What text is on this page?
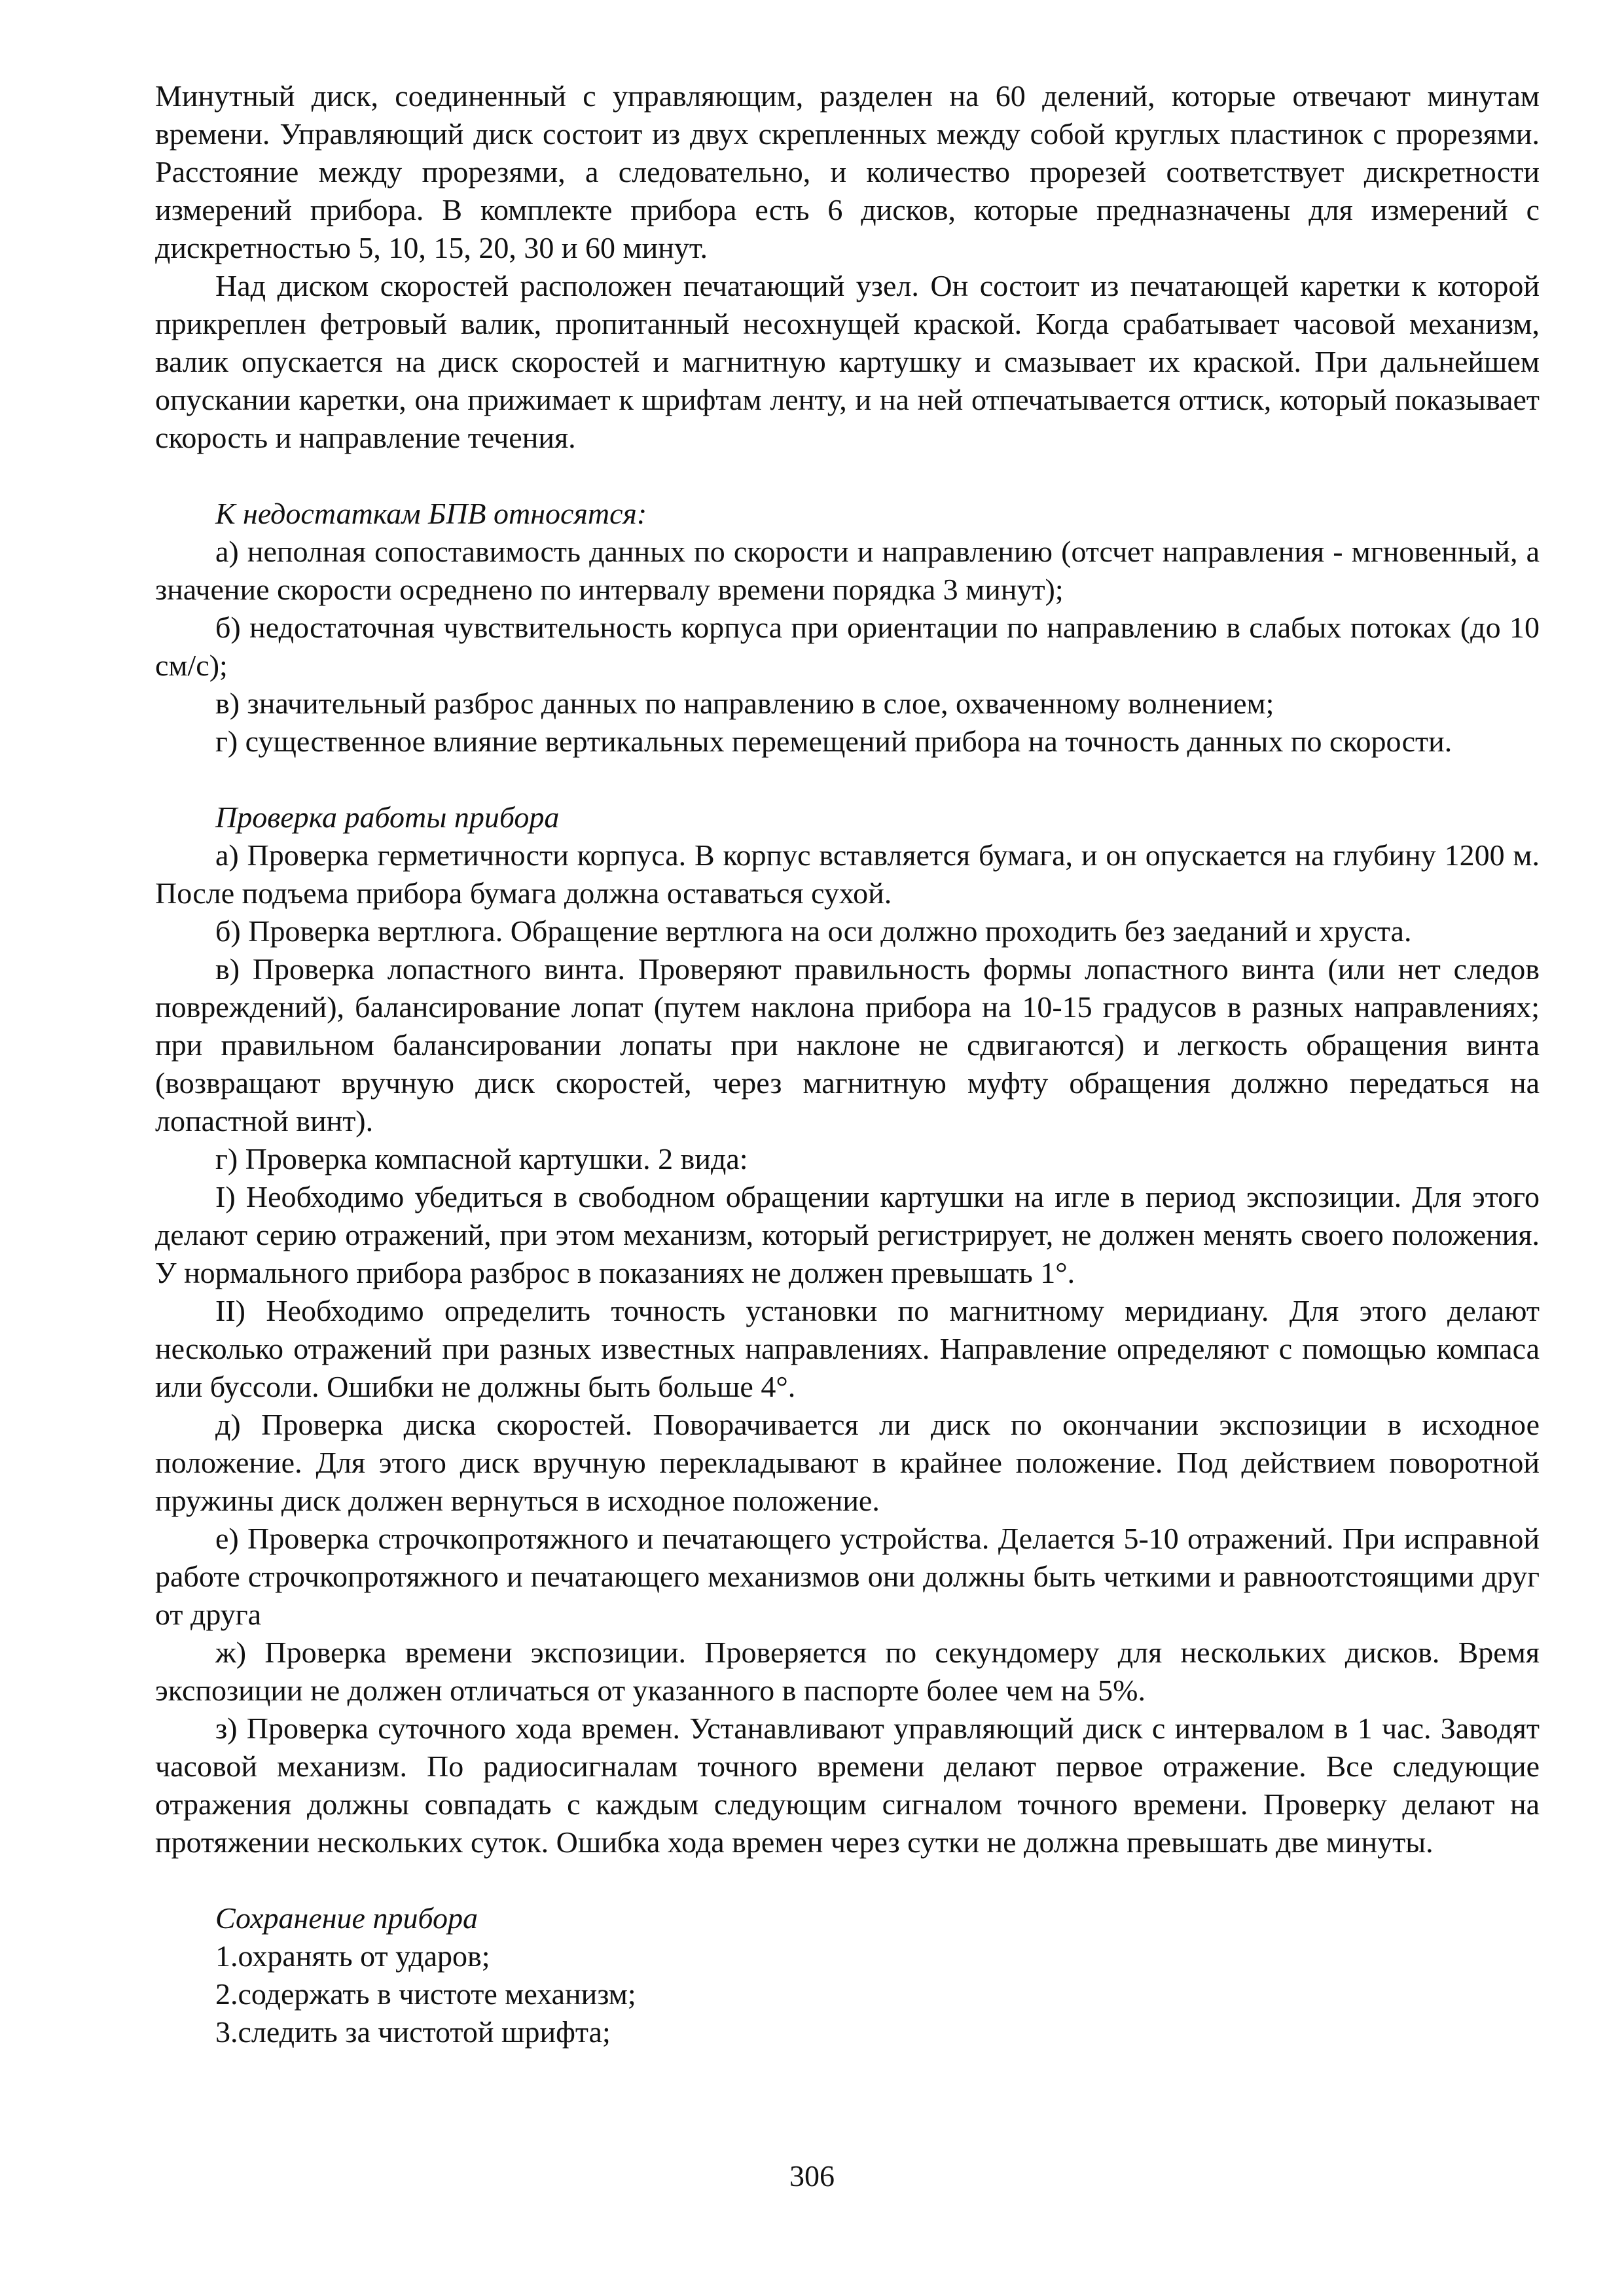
Минутный диск, соединенный с управляющим, разделен на 60 делений, которые отвечают минутам времени. Управляющий диск состоит из двух скрепленных между собой круглых пластинок с прорезями. Расстояние между прорезями, а следовательно, и количество прорезей соответствует дискретности измерений прибора. В комплекте прибора есть 6 дисков, которые предназначены для измерений с дискретностью 5, 10, 15, 20, 30 и 60 минут.

Над диском скоростей расположен печатающий узел. Он состоит из печатающей каретки к которой прикреплен фетровый валик, пропитанный несохнущей краской. Когда срабатывает часовой механизм, валик опускается на диск скоростей и магнитную картушку и смазывает их краской. При дальнейшем опускании каретки, она прижимает к шрифтам ленту, и на ней отпечатывается оттиск, который показывает скорость и направление течения.

К недостаткам БПВ относятся:

а) неполная сопоставимость данных по скорости и направлению (отсчет направления - мгновенный, а значение скорости осреднено по интервалу времени порядка 3 минут);

б) недостаточная чувствительность корпуса при ориентации по направлению в слабых потоках (до 10 см/с);

в) значительный разброс данных по направлению в слое, охваченному волнением;

г) существенное влияние вертикальных перемещений прибора на точность данных по скорости.

Проверка работы прибора

а) Проверка герметичности корпуса. В корпус вставляется бумага, и он опускается на глубину 1200 м. После подъема прибора бумага должна оставаться сухой.

б) Проверка вертлюга. Обращение вертлюга на оси должно проходить без заеданий и хруста.

в) Проверка лопастного винта. Проверяют правильность формы лопастного винта (или нет следов повреждений), балансирование лопат (путем наклона прибора на 10-15 градусов в разных направлениях; при правильном балансировании лопаты при наклоне не сдвигаются) и легкость обращения винта (возвращают вручную диск скоростей, через магнитную муфту обращения должно передаться на лопастной винт).

г) Проверка компасной картушки. 2 вида:

I) Необходимо убедиться в свободном обращении картушки на игле в период экспозиции. Для этого делают серию отражений, при этом механизм, который регистрирует, не должен менять своего положения. У нормального прибора разброс в показаниях не должен превышать 1°.

II) Необходимо определить точность установки по магнитному меридиану. Для этого делают несколько отражений при разных известных направлениях. Направление определяют с помощью компаса или буссоли. Ошибки не должны быть больше 4°.

д) Проверка диска скоростей. Поворачивается ли диск по окончании экспозиции в исходное положение. Для этого диск вручную перекладывают в крайнее положение. Под действием поворотной пружины диск должен вернуться в исходное положение.

е) Проверка строчкопротяжного и печатающего устройства. Делается 5-10 отражений. При исправной работе строчкопротяжного и печатающего механизмов они должны быть четкими и равноотстоящими друг от друга

ж) Проверка времени экспозиции. Проверяется по секундомеру для нескольких дисков. Время экспозиции не должен отличаться от указанного в паспорте более чем на 5%.

з) Проверка суточного хода времен. Устанавливают управляющий диск с интервалом в 1 час. Заводят часовой механизм. По радиосигналам точного времени делают первое отражение. Все следующие отражения должны совпадать с каждым следующим сигналом точного времени. Проверку делают на протяжении нескольких суток. Ошибка хода времен через сутки не должна превышать две минуты.

Сохранение прибора

1.охранять от ударов;

2.содержать в чистоте механизм;

3.следить за чистотой шрифта;

306
